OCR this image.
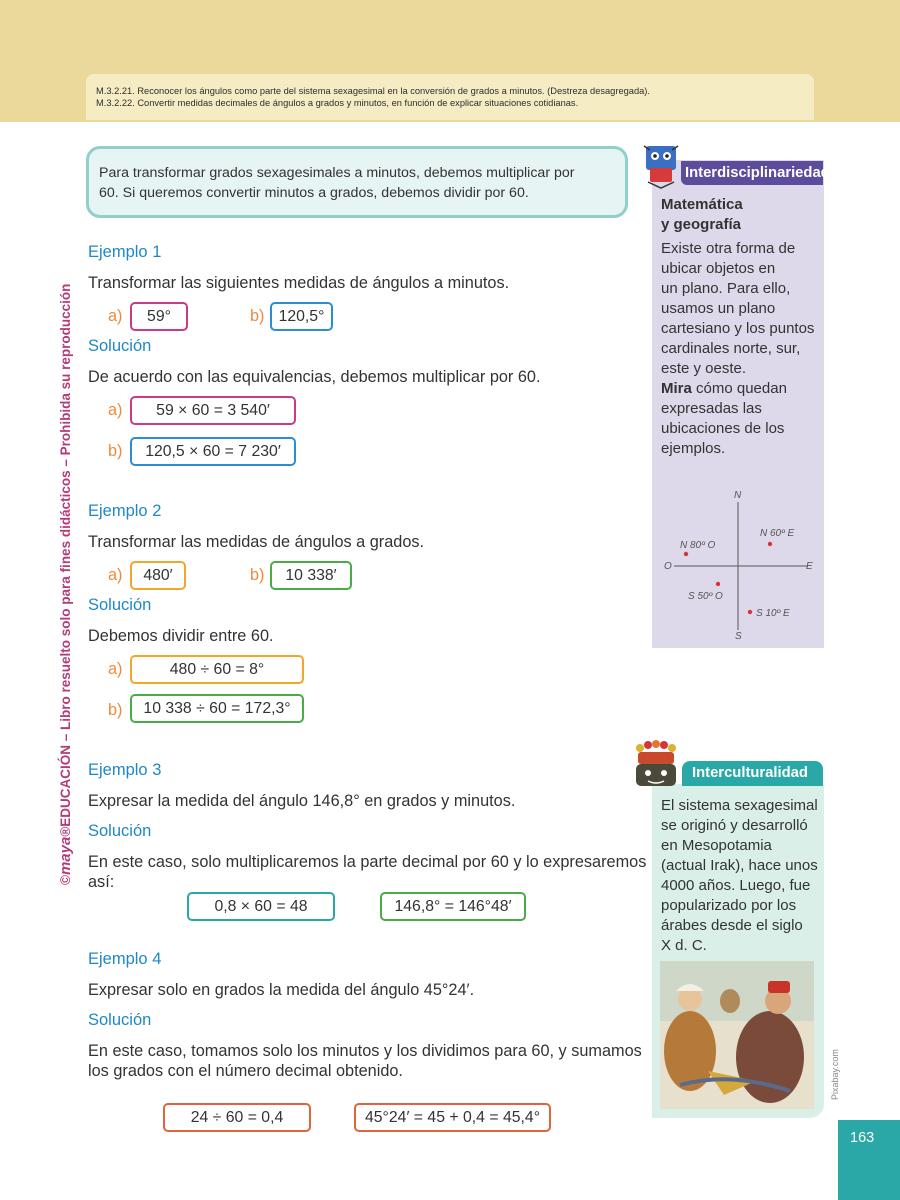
M.3.2.21. Reconocer los ángulos como parte del sistema sexagesimal en la conversión de grados a minutos. (Destreza desagregada).

M.3.2.22. Convertir medidas decimales de ángulos a grados y minutos, en función de explicar situaciones cotidianas.

©maya®EDUCACIÓN – Libro resuelto solo para fines didácticos – Prohibida su reproducción
Para transformar grados sexagesimales a minutos, debemos multiplicar por
60. Si queremos convertir minutos a grados, debemos dividir por 60.
Ejemplo 1
Transformar las siguientes medidas de ángulos a minutos.
a)	59°	b) 120,5°
Solución
De acuerdo con las equivalencias, debemos multiplicar por 60.
a)	59 × 60 = 3 540′
b)	120,5 × 60 = 7 230′
Ejemplo 2
Transformar las medidas de ángulos a grados.
a)	480′	b)	10 338′
Solución
Debemos dividir entre 60.
a)	480 ÷ 60 = 8°
b)	10 338 ÷ 60 = 172,3°
Ejemplo 3
Expresar la medida del ángulo 146,8° en grados y minutos.
Solución
En este caso, solo multiplicaremos la parte decimal por 60 y lo expresaremos
así:
0,8 × 60 = 48	146,8° = 146°48′
Ejemplo 4
Expresar solo en grados la medida del ángulo 45°24′.
Solución
En este caso, tomamos solo los minutos y los dividimos para 60, y sumamos
los grados con el número decimal obtenido.
24 ÷ 60 = 0,4	45°24′ = 45 + 0,4 = 45,4°
Interdisciplinariedad
Matemática
y geografía
Existe otra forma de
ubicar objetos en
un plano. Para ello,
usamos un plano
cartesiano y los puntos
cardinales norte, sur,
este y oeste.
Mira cómo quedan
expresadas las
ubicaciones de los
ejemplos.
N
S
E
O
N 60º E
N 80º O
S 50º O
S 10º E
Interculturalidad
El sistema sexagesimal
se originó y desarrolló
en Mesopotamia
(actual Irak), hace unos
4000 años. Luego, fue
popularizado por los
árabes desde el siglo
X d. C.
Pixabay.com
163
